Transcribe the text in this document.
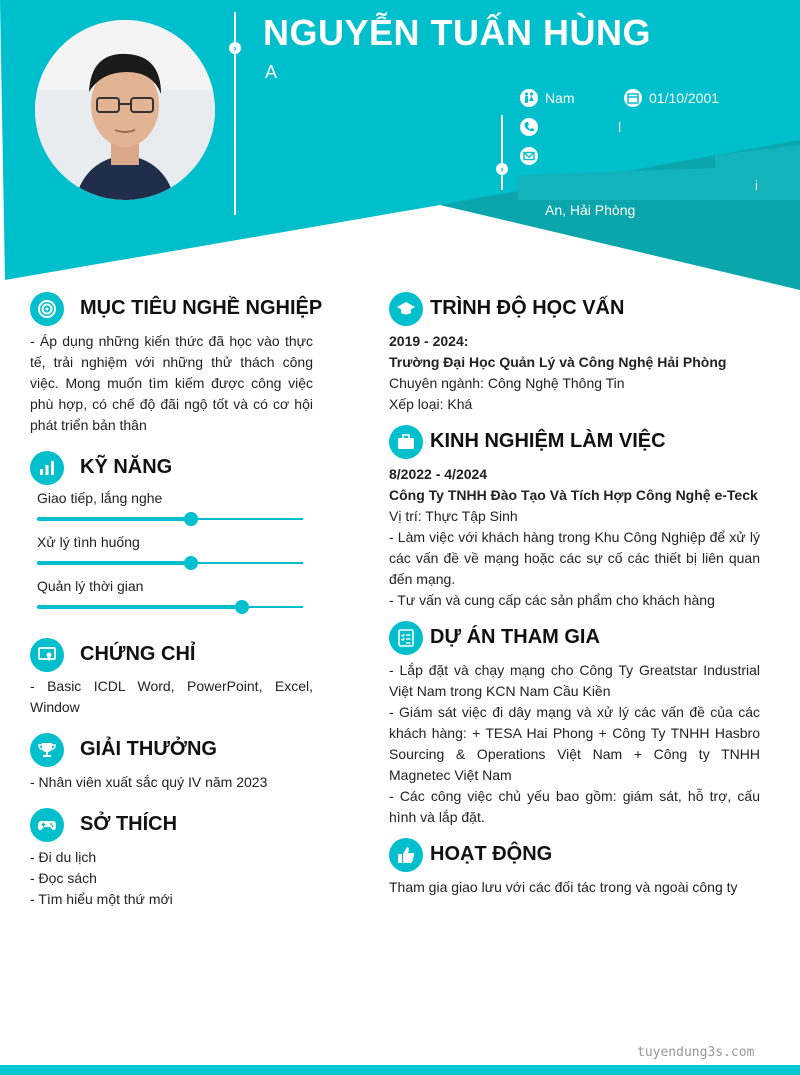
› NGUYỄN TUẤN HÙNG
A
›
Nam	01/10/2001
l
i
An, Hải Phòng
MỤC TIÊU NGHỀ NGHIỆP
- Áp dụng những kiến thức đã học vào thực tế, trải nghiệm với những thử thách công việc. Mong muốn tìm kiếm được công việc phù hợp, có chế độ đãi ngộ tốt và có cơ hội phát triển bản thân
KỸ NĂNG
Giao tiếp, lắng nghe
Xử lý tình huống
Quản lý thời gian
CHỨNG CHỈ
- Basic ICDL Word, PowerPoint, Excel, Window
GIẢI THƯỞNG
- Nhân viên xuất sắc quý IV năm 2023
SỞ THÍCH
- Đi du lịch
- Đọc sách
- Tìm hiểu một thứ mới
TRÌNH ĐỘ HỌC VẤN
2019 - 2024:
Trường Đại Học Quản Lý và Công Nghệ Hải Phòng
Chuyên ngành: Công Nghệ Thông Tin
Xếp loại: Khá
KINH NGHIỆM LÀM VIỆC
8/2022 - 4/2024
Công Ty TNHH Đào Tạo Và Tích Hợp Công Nghệ e-Teck
Vị trí: Thực Tập Sinh
- Làm việc với khách hàng trong Khu Công Nghiệp để xử lý các vấn đề về mạng hoặc các sự cố các thiết bị liên quan đến mạng.
- Tư vấn và cung cấp các sản phẩm cho khách hàng
DỰ ÁN THAM GIA
- Lắp đặt và chạy mạng cho Công Ty Greatstar Industrial Việt Nam trong KCN Nam Cầu Kiền
- Giám sát việc đi dây mạng và xử lý các vấn đề của các khách hàng: + TESA Hai Phong + Công Ty TNHH Hasbro Sourcing & Operations Việt Nam + Công ty TNHH Magnetec Việt Nam
- Các công việc chủ yếu bao gồm: giám sát, hỗ trợ, cấu hình và lắp đặt.
HOẠT ĐỘNG
Tham gia giao lưu với các đối tác trong và ngoài công ty
tuyendung3s.com
